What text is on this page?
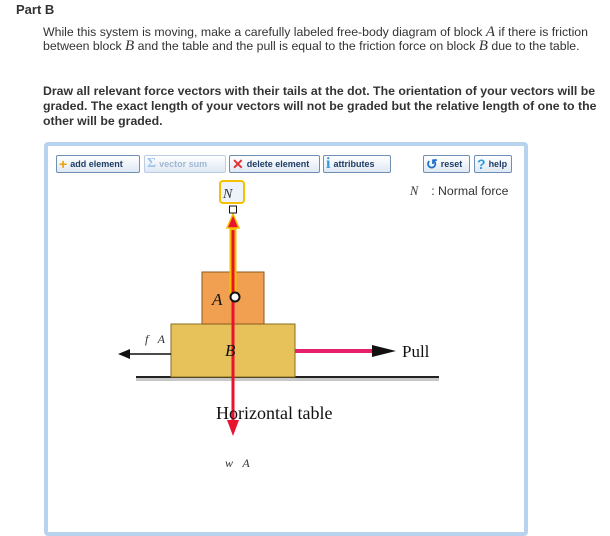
Part B
While this system is moving, make a carefully labeled free-body diagram of block A if there is friction between block B and the table and the pull is equal to the friction force on block B due to the table.
Draw all relevant force vectors with their tails at the dot. The orientation of your vectors will be graded. The exact length of your vectors will not be graded but the relative length of one to the other will be graded.
+ add element Σ vector sum ✕ delete element i attributes	↺ reset ? help
N⃗ : Normal force
N⃗
A
B
f⃗A
Pull
Horizontal table
w⃗A
